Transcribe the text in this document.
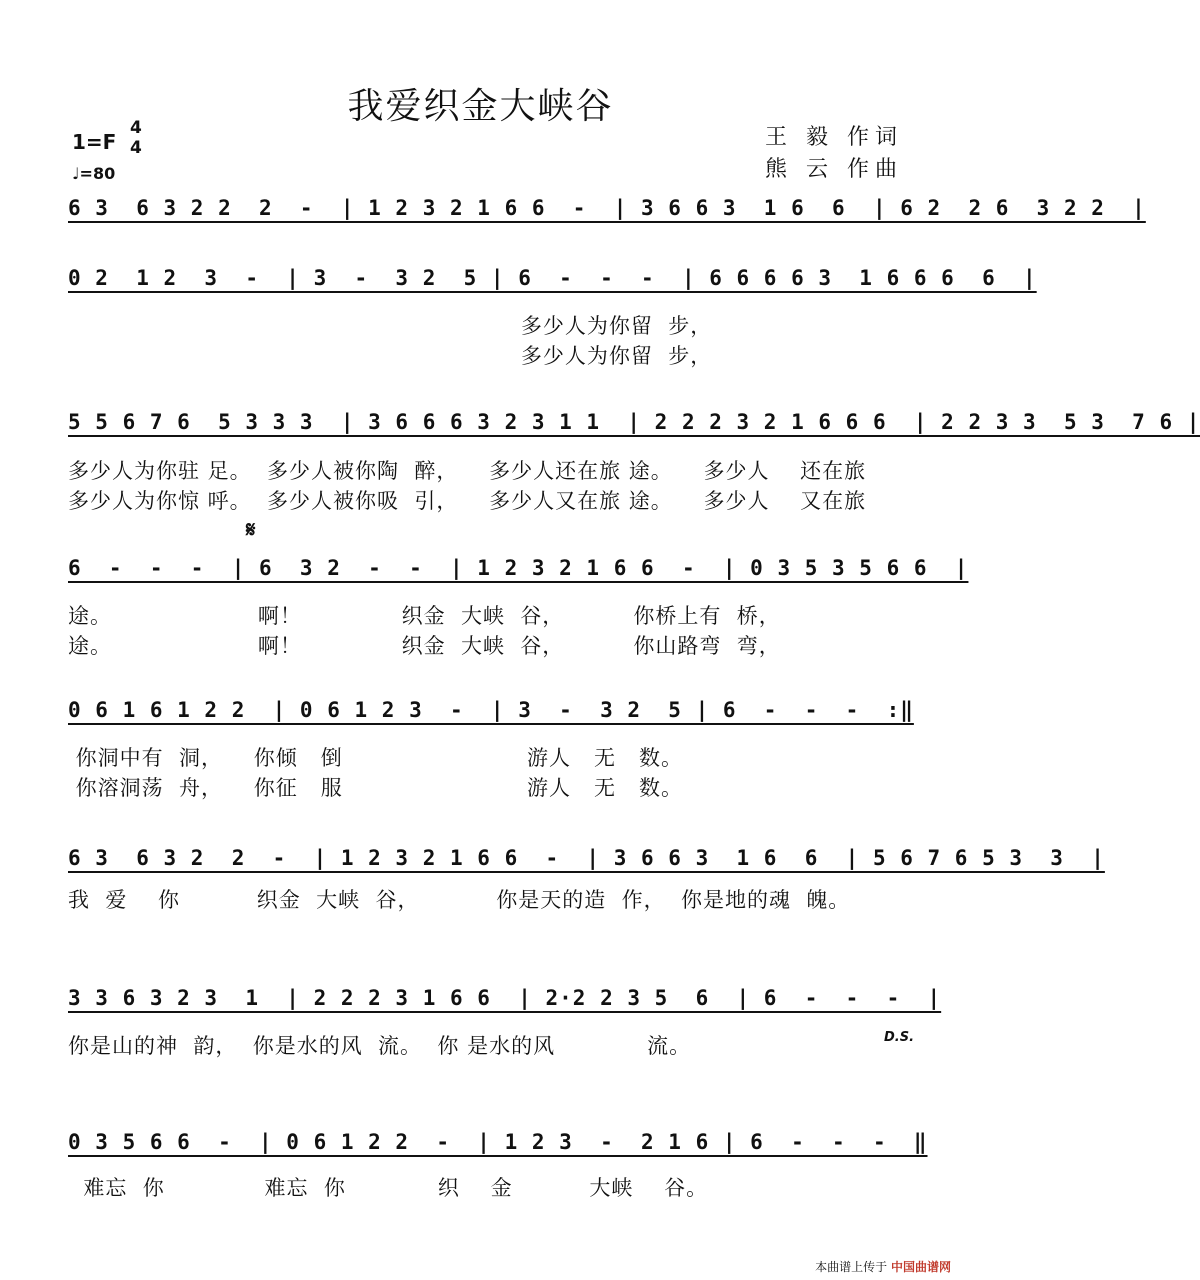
我爱织金大峡谷
王 毅 作词
熊 云 作曲
1=F
4
4
♩=80
6 3  6 3 2 2  2  -  | 1 2 3 2 1 6 6  -  | 3 6 6 3  1 6  6  | 6 2  2 6  3 2 2  |
0 2  1 2  3  -  | 3  -  3 2  5 | 6  -  -  -  | 6 6 6 6 3  1 6 6 6  6  |
多少人为你留  步，
多少人为你留  步，
5 5 6 7 6  5 3 3 3  | 3 6 6 6 3 2 3 1 1  | 2 2 2 3 2 1 6 6 6  | 2 2 3 3  5 3  7 6 |
多少人为你驻 足。  多少人被你陶  醉，    多少人还在旅 途。    多少人    还在旅
多少人为你惊 呼。  多少人被你吸  引，    多少人又在旅 途。    多少人    又在旅
𝄋
6  -  -  -  | 6  3 2  -  -  | 1 2 3 2 1 6 6  -  | 0 3 5 3 5 6 6  |
途。                   啊！             织金  大峡  谷，         你桥上有  桥，
途。                   啊！             织金  大峡  谷，         你山路弯  弯，
0 6 1 6 1 2 2  | 0 6 1 2 3  -  | 3  -  3 2  5 | 6  -  -  -  :‖
你洞中有  洞，    你倾   倒                        游人   无   数。
你溶洞荡  舟，    你征   服                        游人   无   数。
6 3  6 3 2  2  -  | 1 2 3 2 1 6 6  -  | 3 6 6 3  1 6  6  | 5 6 7 6 5 3  3  |
我  爱    你          织金  大峡  谷，          你是天的造  作，  你是地的魂  魄。
3 3 6 3 2 3  1  | 2 2 2 3 1 6 6  | 2·2 2 3 5  6  | 6  -  -  -  |
你是山的神  韵，  你是水的风  流。  你 是水的风            流。	D.S.
0 3 5 6 6  -  | 0 6 1 2 2  -  | 1 2 3  -  2 1 6 | 6  -  -  -  ‖
难忘  你             难忘  你            织    金          大峡    谷。
本曲谱上传于 中国曲谱网
